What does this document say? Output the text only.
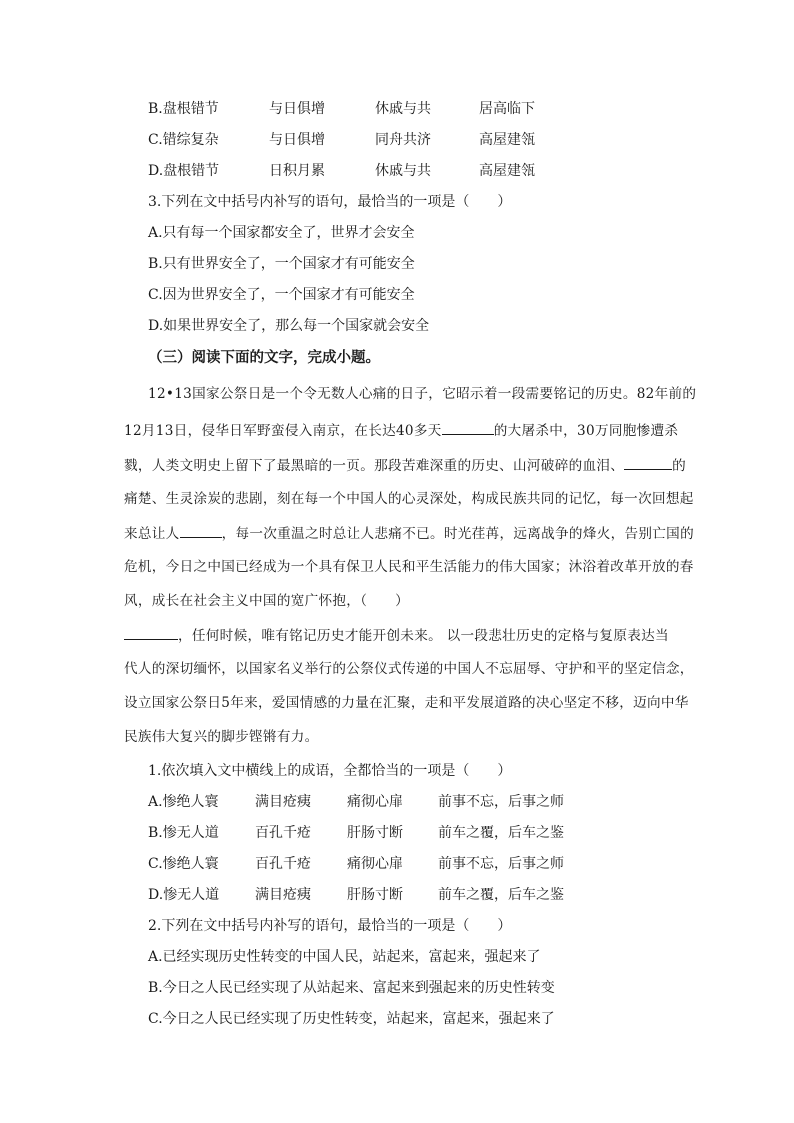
B.盘根错节	与日俱增	休戚与共	居高临下
C.错综复杂	与日俱增	同舟共济	高屋建瓴
D.盘根错节	日积月累	休戚与共	高屋建瓴
3.下列在文中括号内补写的语句，最恰当的一项是（　　）
A.只有每一个国家都安全了，世界才会安全
B.只有世界安全了，一个国家才有可能安全
C.因为世界安全了，一个国家才有可能安全
D.如果世界安全了，那么每一个国家就会安全
（三）阅读下面的文字，完成小题。
12•13国家公祭日是一个令无数人心痛的日子，它昭示着一段需要铭记的历史。82年前的
12月13日，侵华日军野蛮侵入南京，在长达40多天	的大屠杀中，30万同胞惨遭杀
戮，人类文明史上留下了最黑暗的一页。那段苦难深重的历史、山河破碎的血泪、	的
痛楚、生灵涂炭的悲剧，刻在每一个中国人的心灵深处，构成民族共同的记忆，每一次回想起
来总让人	，每一次重温之时总让人悲痛不已。时光荏苒，远离战争的烽火，告别亡国的
危机，今日之中国已经成为一个具有保卫人民和平生活能力的伟大国家；沐浴着改革开放的春
风，成长在社会主义中国的宽广怀抱，（　　）
，任何时候，唯有铭记历史才能开创未来。 以一段悲壮历史的定格与复原表达当
代人的深切缅怀，以国家名义举行的公祭仪式传递的中国人不忘屈辱、守护和平的坚定信念，
设立国家公祭日5年来，爱国情感的力量在汇聚，走和平发展道路的决心坚定不移，迈向中华
民族伟大复兴的脚步铿锵有力。
1.依次填入文中横线上的成语，全都恰当的一项是（　　）
A.惨绝人寰	满目疮痍	痛彻心扉	前事不忘，后事之师
B.惨无人道	百孔千疮	肝肠寸断	前车之覆，后车之鉴
C.惨绝人寰	百孔千疮	痛彻心扉	前事不忘，后事之师
D.惨无人道	满目疮痍	肝肠寸断	前车之覆，后车之鉴
2.下列在文中括号内补写的语句，最恰当的一项是（　　）
A.已经实现历史性转变的中国人民，站起来，富起来，强起来了
B.今日之人民已经实现了从站起来、富起来到强起来的历史性转变
C.今日之人民已经实现了历史性转变，站起来，富起来，强起来了
